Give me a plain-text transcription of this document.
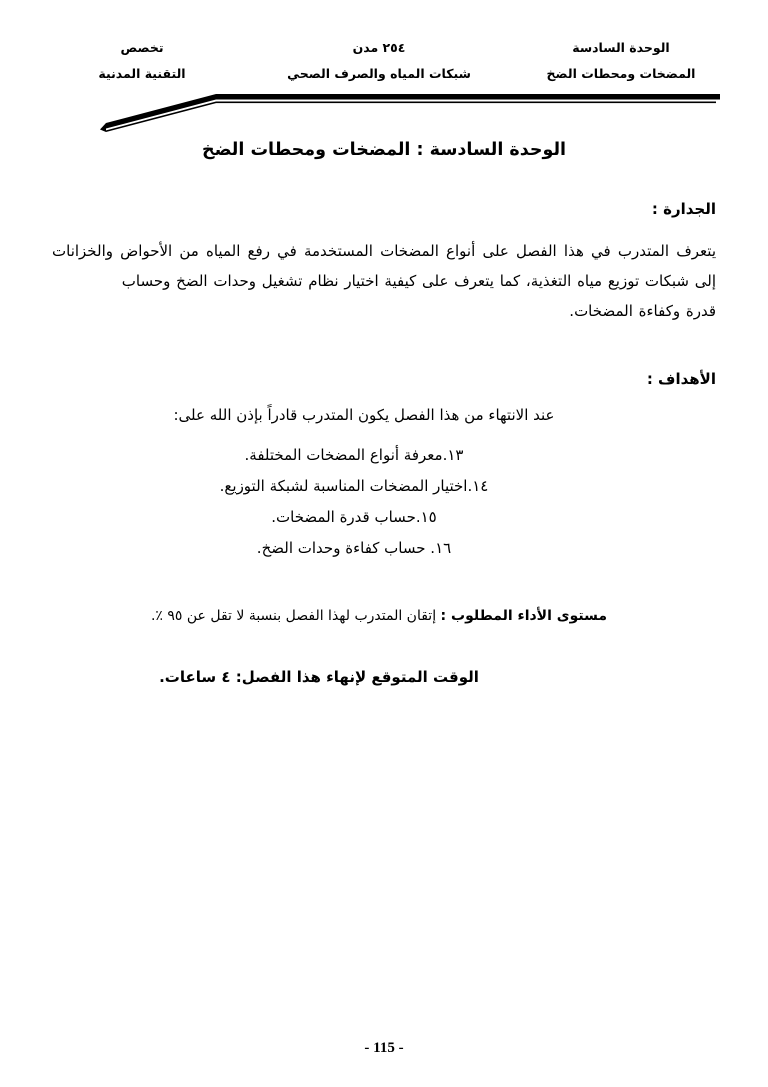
تخصص
التقنية المدنية
٢٥٤ مدن
شبكات المياه والصرف الصحي
الوحدة السادسة
المضخات ومحطات الضخ
الوحدة السادسة : المضخات ومحطات الضخ
الجدارة :

يتعرف المتدرب في هذا الفصل على أنواع المضخات المستخدمة في رفع المياه من الأحواض والخزانات إلى شبكات توزيع مياه التغذية، كما يتعرف على كيفية اختيار نظام تشغيل وحدات الضخ وحساب
قدرة وكفاءة المضخات.

الأهداف :
عند الانتهاء من هذا الفصل يكون المتدرب قادراً بإذن الله على:
١٣.معرفة أنواع المضخات المختلفة.
١٤.اختيار المضخات المناسبة لشبكة التوزيع.
١٥.حساب قدرة المضخات.
١٦. حساب كفاءة وحدات الضخ.
مستوى الأداء المطلوب : إتقان المتدرب لهذا الفصل بنسبة لا تقل عن ٩٥ ٪.
الوقت المتوقع لإنهاء هذا الفصل: ٤ ساعات.
- 115 -
